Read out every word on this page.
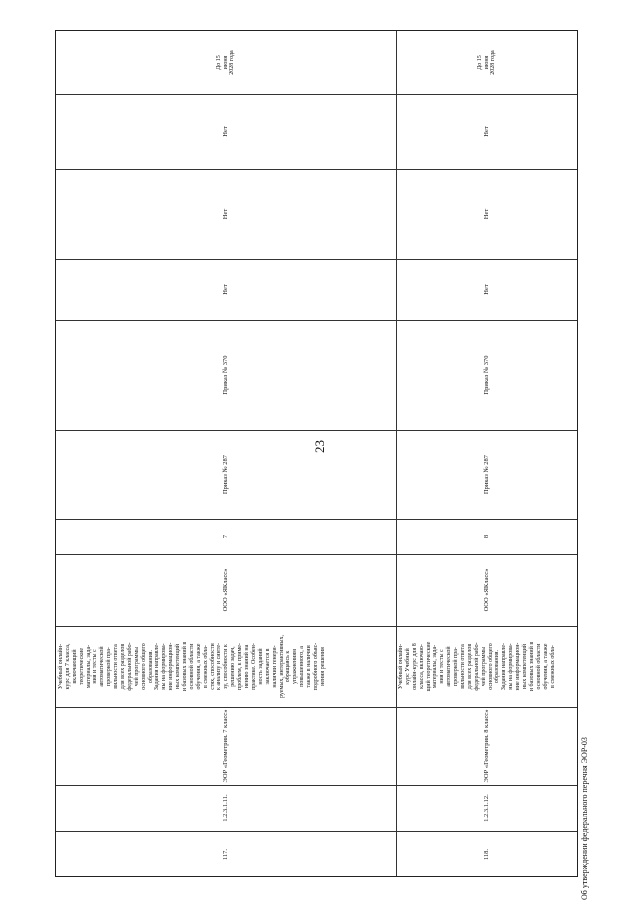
23
До 15
июня
2028 года
Нет
Нет
Нет
Приказ № 370
Приказ № 287
7
ООО «ЯКласс»
Учебный онлайн-
курс для 7 класса,
включающий
теоретические
материалы, зада-
ния и тесты с
автоматической
проверкой пра-
вильности ответа
для всех разделов
федеральной рабо-
чей программы
основного общего
образования.
Задания направле-
ны на формирова-
ние информацион-
ных компетенций
и базовых знаний в
основной области
обучения, а также
в смежных обла-
стях, способности
к анализу и синте-
зу, способности к
решению задач,
проблем, к приме-
нению знаний на
практике. Особен-
ность заданий
заключается в
наличии генери-
руемых, интерактивных,
обращаясь к
упражнениям
повышенного, а
также в наличии
подробного объяс-
нения решения
ЭОР «Геометрия. 7 класс»
1.2.3.1.11.
117.
До 15
июня
2028 года
Нет
Нет
Нет
Приказ № 370
Приказ № 287
8
ООО «ЯКласс»
Учебный онлайн-
курс Учебный
онлайн-курс для 8
класса, включаю-
щий теоретические
материалы, зада-
ния и тесты с
автоматической
проверкой пра-
вильности ответа
для всех разделов
федеральной рабо-
чей программы
основного общего
образования.
Задания направле-
ны на формирова-
ние информацион-
ных компетенций
и базовых знаний в
основной области
обучения, а также
в смежных обла-
ЭОР «Геометрия. 8 класс»
1.2.3.1.12.
118.	Об утверждении федерального перечня ЭОР-03
